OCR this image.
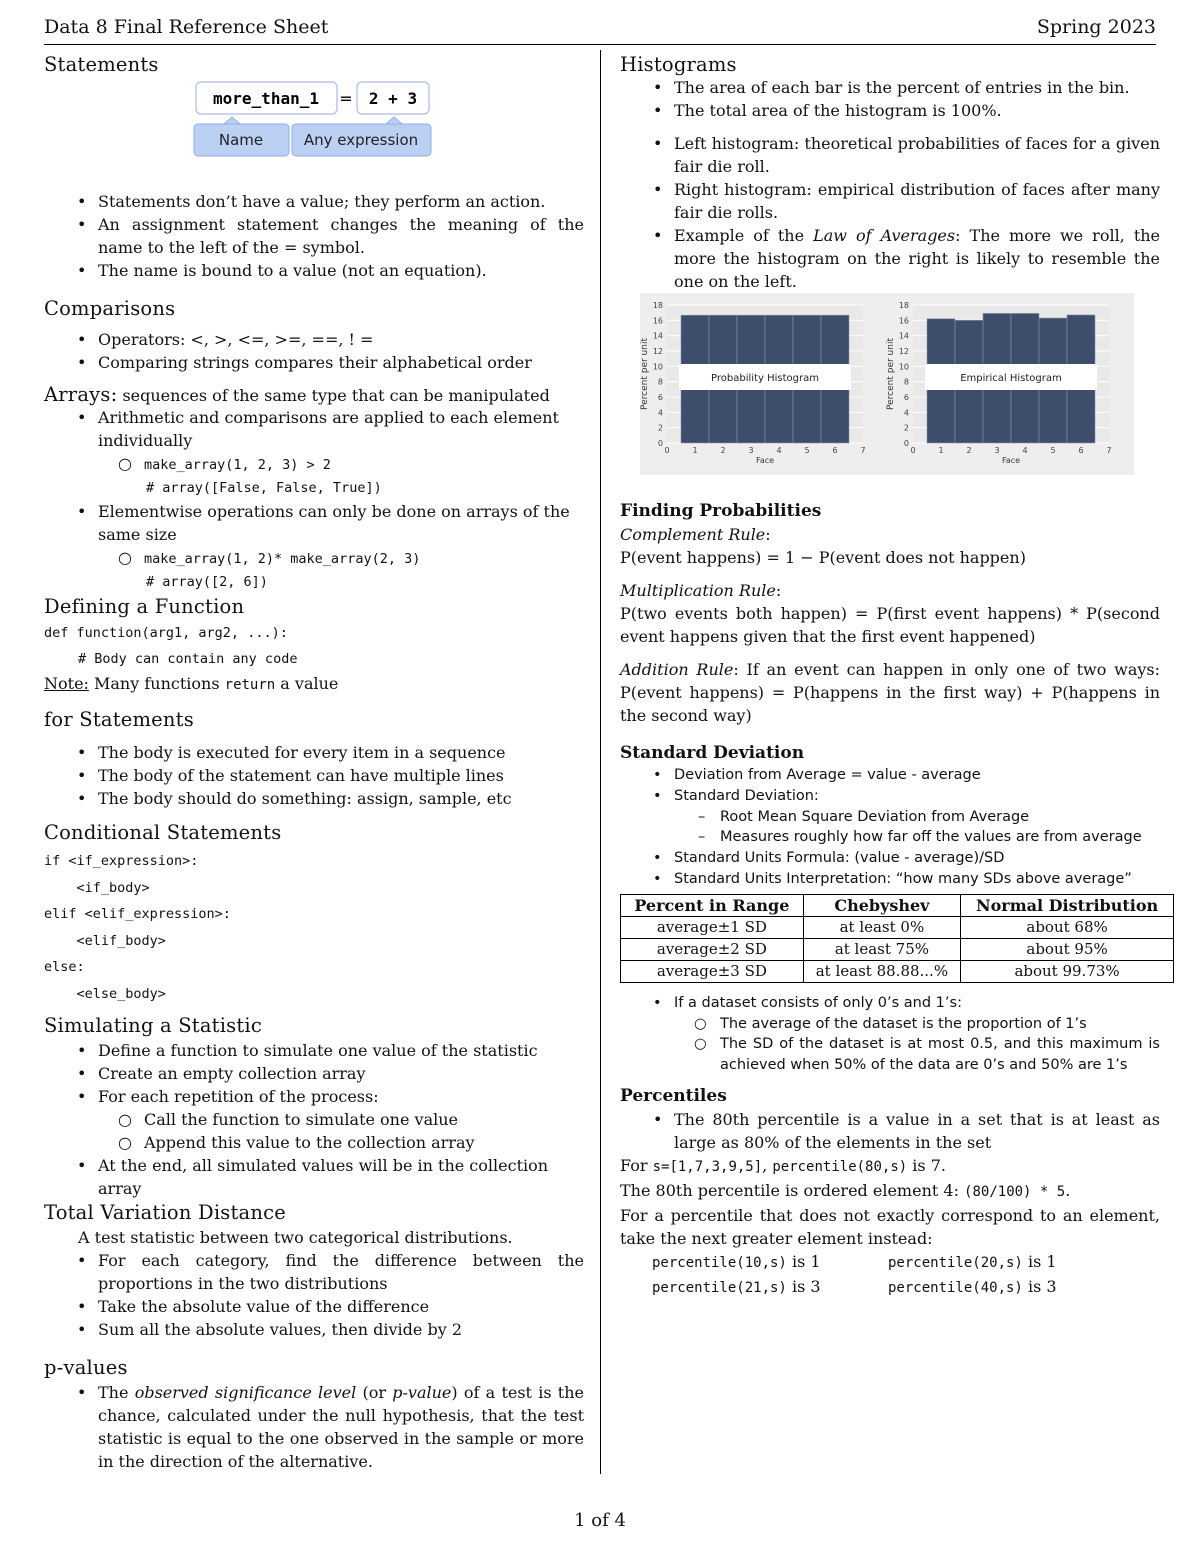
Data 8 Final Reference Sheet	Spring 2023
Statements
more_than_1 = 2 + 3
Name	Any expression
• Statements don’t have a value; they perform an action.
• An assignment statement changes the meaning of the name to the left of the = symbol.
• The name is bound to a value (not an equation).
Comparisons
• Operators: <, >, <=, >=, ==, ! =
• Comparing strings compares their alphabetical order
Arrays: sequences of the same type that can be manipulated
• Arithmetic and comparisons are applied to each element individually
○ make_array(1, 2, 3) > 2
# array([False, False, True])
• Elementwise operations can only be done on arrays of the same size
○ make_array(1, 2)* make_array(2, 3)
# array([2, 6])
Defining a Function
def function(arg1, arg2, ...):
# Body can contain any code

Note: Many functions return a value

for Statements
• The body is executed for every item in a sequence
• The body of the statement can have multiple lines
• The body should do something: assign, sample, etc
Conditional Statements
if <if_expression>:
<if_body>
elif <elif_expression>:
<elif_body>
else:
<else_body>
Simulating a Statistic
• Define a function to simulate one value of the statistic
• Create an empty collection array
• For each repetition of the process:
○ Call the function to simulate one value
○ Append this value to the collection array
• At the end, all simulated values will be in the collection array
Total Variation Distance

A test statistic between two categorical distributions.

• For each category, find the difference between the proportions in the two distributions
• Take the absolute value of the difference
• Sum all the absolute values, then divide by 2
p-values
• The observed significance level (or p-value) of a test is the chance, calculated under the null hypothesis, that the test statistic is equal to the one observed in the sample or more in the direction of the alternative.
Histograms
• The area of each bar is the percent of entries in the bin.
• The total area of the histogram is 100%.
• Left histogram: theoretical probabilities of faces for a given fair die roll.
• Right histogram: empirical distribution of faces after many fair die rolls.
• Example of the Law of Averages: The more we roll, the more the histogram on the right is likely to resemble the one on the left.
0
2
4
6
8
10
12
14
16
18
0	1	2	3	4	5	6	7
Face
Percent per unit	Probability Histogram
0
2
4
6
8
10
12
14
16
18
0	1	2	3	4	5	6	7
Face
Percent per unit	Empirical Histogram
Finding Probabilities

Complement Rule:

P(event happens) = 1 − P(event does not happen)

Multiplication Rule:

P(two events both happen) = P(first event happens) * P(second event happens given that the first event happened)

Addition Rule: If an event can happen in only one of two ways: P(event happens) = P(happens in the first way) + P(happens in the second way)

Standard Deviation
• Deviation from Average = value - average
• Standard Deviation:
– Root Mean Square Deviation from Average
– Measures roughly how far off the values are from average
• Standard Units Formula: (value - average)/SD
• Standard Units Interpretation: “how many SDs above average”
Percent in Range	Chebyshev	Normal Distribution
average±1 SD	at least 0%	about 68%
average±2 SD	at least 75%	about 95%
average±3 SD	at least 88.88...%	about 99.73%
• If a dataset consists of only 0’s and 1’s:
○ The average of the dataset is the proportion of 1’s
○ The SD of the dataset is at most 0.5, and this maximum is achieved when 50% of the data are 0’s and 50% are 1’s
Percentiles
• The 80th percentile is a value in a set that is at least as large as 80% of the elements in the set

For s=[1,7,3,9,5], percentile(80,s) is 7.

The 80th percentile is ordered element 4: (80/100) * 5.

For a percentile that does not exactly correspond to an element, take the next greater element instead:

percentile(10,s) is 1	percentile(20,s) is 1
percentile(21,s) is 3	percentile(40,s) is 3
1 of 4
